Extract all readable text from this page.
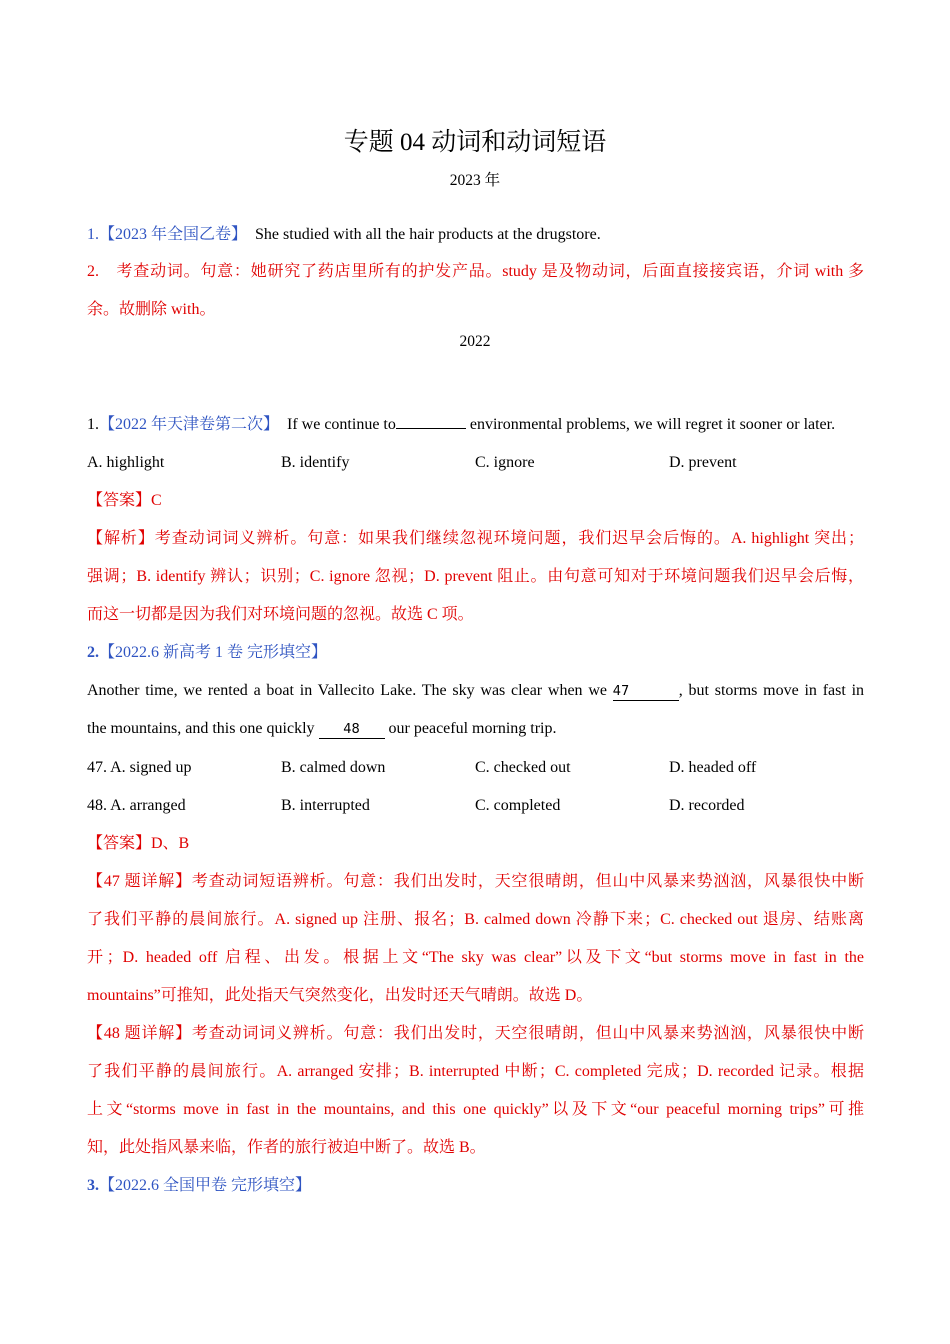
专题 04 动词和动词短语
2023 年
1.【2023 年全国乙卷】 She studied with all the hair products at the drugstore.
2.　考查动词。句意：她研究了药店里所有的护发产品。study 是及物动词，后面直接接宾语，介词 with 多
余。故删除 with。
2022
1.【2022 年天津卷第二次】 If we continue to	environmental problems, we will regret it sooner or later.
A. highlight	B. identify	C. ignore	D. prevent
【答案】C
【解析】考查动词词义辨析。句意：如果我们继续忽视环境问题，我们迟早会后悔的。A. highlight 突出；
强调；B. identify 辨认；识别；C. ignore 忽视；D. prevent 阻止。由句意可知对于环境问题我们迟早会后悔，
而这一切都是因为我们对环境问题的忽视。故选 C 项。
2.【2022.6 新高考 1 卷 完形填空】
Another time, we rented a boat in Vallecito Lake. The sky was clear when we 47	, but storms move in fast in
the mountains, and this one quickly 48 our peaceful morning trip.
47. A. signed up	B. calmed down	C. checked out	D. headed off
48. A. arranged	B. interrupted	C. completed	D. recorded
【答案】D、B
【47 题详解】考查动词短语辨析。句意：我们出发时，天空很晴朗，但山中风暴来势汹汹，风暴很快中断
了我们平静的晨间旅行。A. signed up 注册、报名；B. calmed down 冷静下来；C. checked out 退房、结账离
开；D. headed off 启程、出发。根据上文“The sky was clear”以及下文“but storms move in fast in the
mountains”可推知，此处指天气突然变化，出发时还天气晴朗。故选 D。
【48 题详解】考查动词词义辨析。句意：我们出发时，天空很晴朗，但山中风暴来势汹汹，风暴很快中断
了我们平静的晨间旅行。A. arranged 安排；B. interrupted 中断；C. completed 完成；D. recorded 记录。根据
上文“storms move in fast in the mountains, and this one quickly”以及下文“our peaceful morning trips”可推
知，此处指风暴来临，作者的旅行被迫中断了。故选 B。
3.【2022.6 全国甲卷 完形填空】
